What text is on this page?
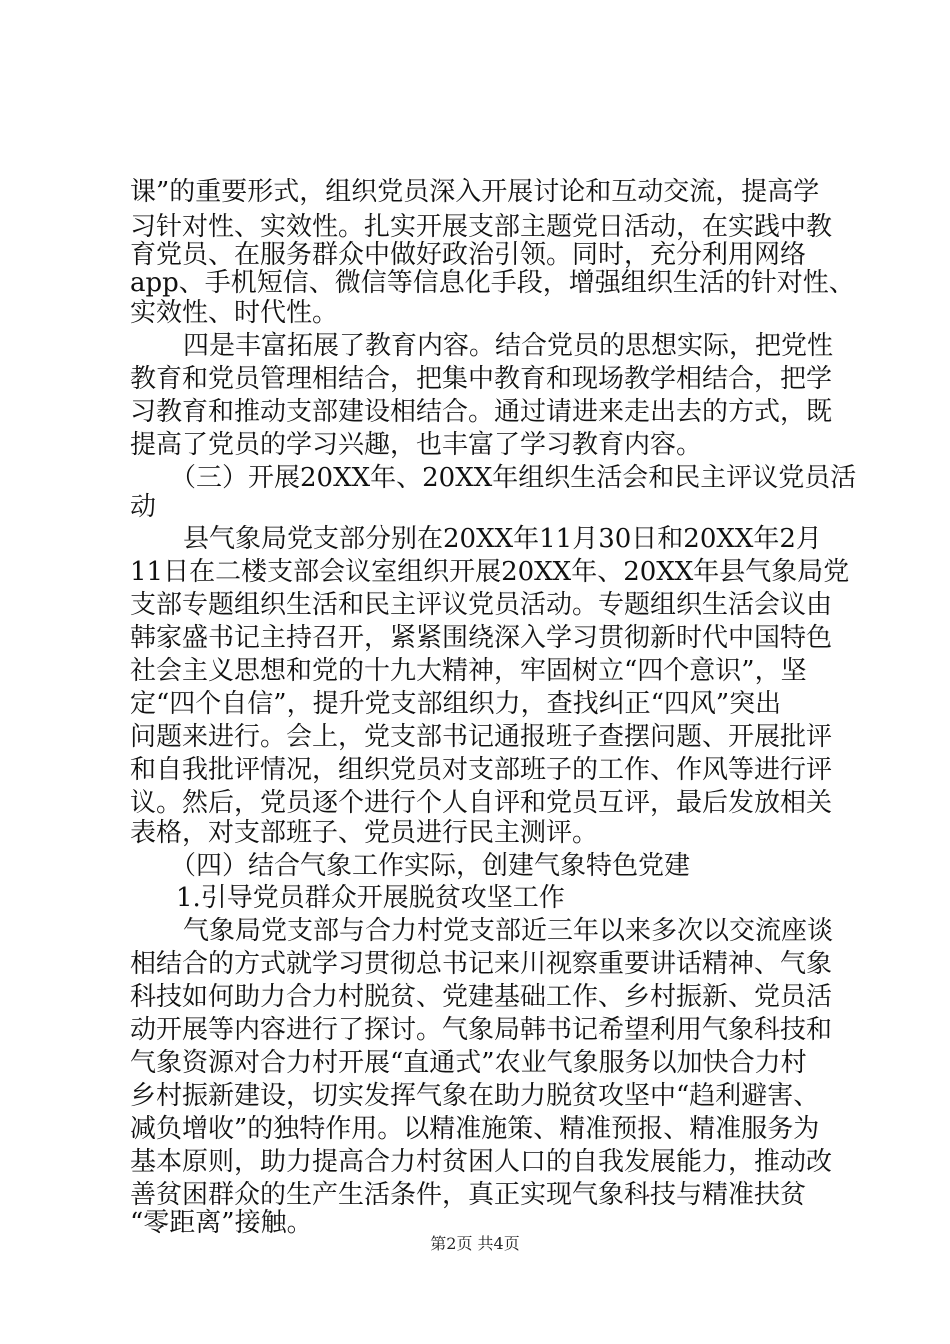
课”的重要形式，组织党员深入开展讨论和互动交流，提高学
习针对性、实效性。扎实开展支部主题党日活动，在实践中教
育党员、在服务群众中做好政治引领。同时，充分利用网络
app、手机短信、微信等信息化手段，增强组织生活的针对性、
实效性、时代性。
四是丰富拓展了教育内容。结合党员的思想实际，把党性
教育和党员管理相结合，把集中教育和现场教学相结合，把学
习教育和推动支部建设相结合。通过请进来走出去的方式，既
提高了党员的学习兴趣，也丰富了学习教育内容。
（三）开展20XX年、20XX年组织生活会和民主评议党员活
动
县气象局党支部分别在20XX年11月30日和20XX年2月
11日在二楼支部会议室组织开展20XX年、20XX年县气象局党
支部专题组织生活和民主评议党员活动。专题组织生活会议由
韩家盛书记主持召开，紧紧围绕深入学习贯彻新时代中国特色
社会主义思想和党的十九大精神，牢固树立“四个意识”，坚
定“四个自信”，提升党支部组织力，查找纠正“四风”突出
问题来进行。会上，党支部书记通报班子查摆问题、开展批评
和自我批评情况，组织党员对支部班子的工作、作风等进行评
议。然后，党员逐个进行个人自评和党员互评，最后发放相关
表格，对支部班子、党员进行民主测评。
（四）结合气象工作实际，创建气象特色党建
1.引导党员群众开展脱贫攻坚工作
气象局党支部与合力村党支部近三年以来多次以交流座谈
相结合的方式就学习贯彻总书记来川视察重要讲话精神、气象
科技如何助力合力村脱贫、党建基础工作、乡村振新、党员活
动开展等内容进行了探讨。气象局韩书记希望利用气象科技和
气象资源对合力村开展“直通式”农业气象服务以加快合力村
乡村振新建设，切实发挥气象在助力脱贫攻坚中“趋利避害、
减负增收”的独特作用。以精准施策、精准预报、精准服务为
基本原则，助力提高合力村贫困人口的自我发展能力，推动改
善贫困群众的生产生活条件，真正实现气象科技与精准扶贫
“零距离”接触。
第2页 共4页
